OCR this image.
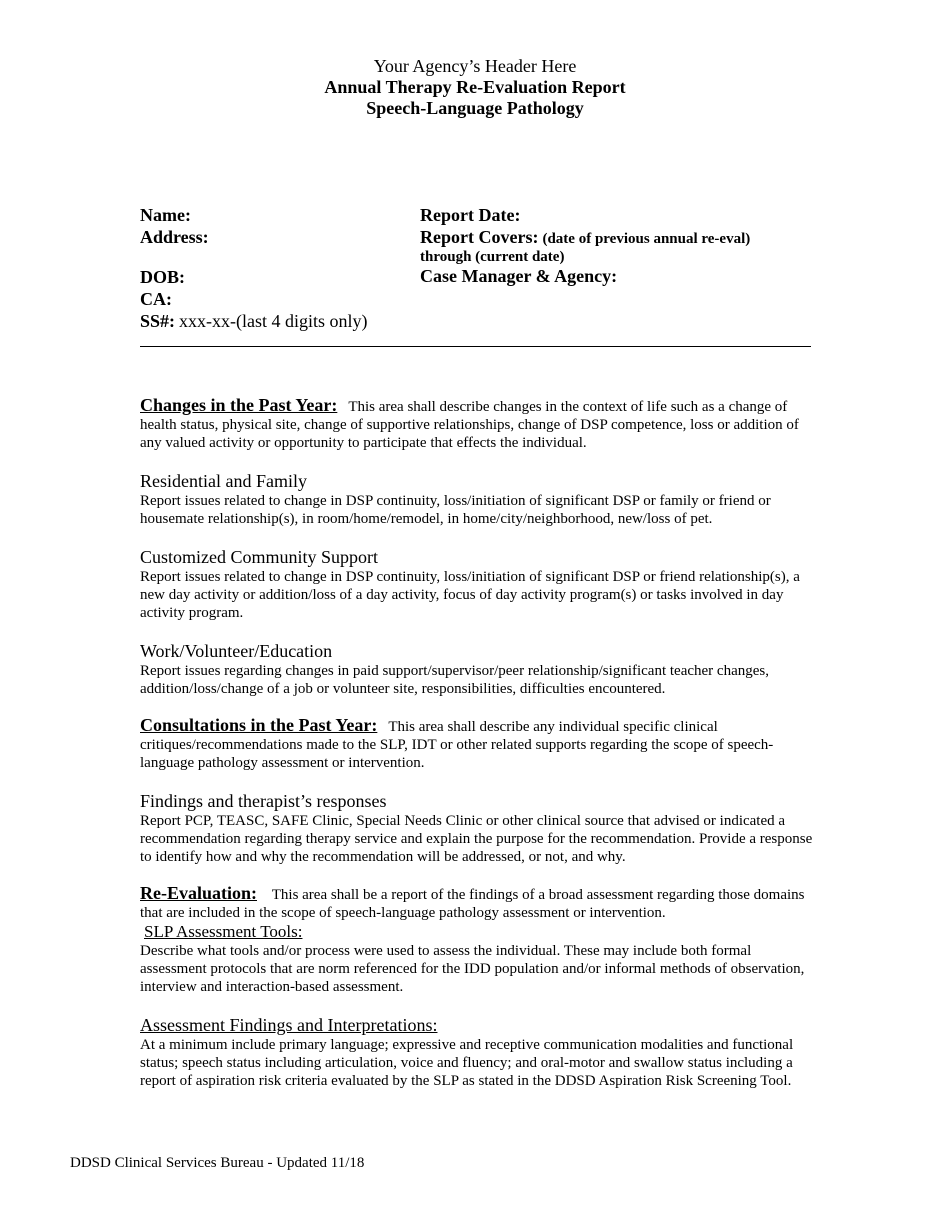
Your Agency’s Header Here
Annual Therapy Re-Evaluation Report
Speech-Language Pathology
Name:
Address:
DOB:
CA:
SS#: xxx-xx-(last 4 digits only)
Report Date:
Report Covers: (date of previous annual re-eval)
through (current date)
Case Manager & Agency:

Changes in the Past Year: This area shall describe changes in the context of life such as a change of health status, physical site, change of supportive relationships, change of DSP competence, loss or addition of any valued activity or opportunity to participate that effects the individual.

Residential and Family

Report issues related to change in DSP continuity, loss/initiation of significant DSP or family or friend or housemate relationship(s), in room/home/remodel, in home/city/neighborhood, new/loss of pet.

Customized Community Support

Report issues related to change in DSP continuity, loss/initiation of significant DSP or friend relationship(s), a new day activity or addition/loss of a day activity, focus of day activity program(s) or tasks involved in day activity program.

Work/Volunteer/Education

Report issues regarding changes in paid support/supervisor/peer relationship/significant teacher changes, addition/loss/change of a job or volunteer site, responsibilities, difficulties encountered.

Consultations in the Past Year: This area shall describe any individual specific clinical critiques/recommendations made to the SLP, IDT or other related supports regarding the scope of speech-language pathology assessment or intervention.

Findings and therapist’s responses

Report PCP, TEASC, SAFE Clinic, Special Needs Clinic or other clinical source that advised or indicated a recommendation regarding therapy service and explain the purpose for the recommendation. Provide a response to identify how and why the recommendation will be addressed, or not, and why.

Re-Evaluation: This area shall be a report of the findings of a broad assessment regarding those domains that are included in the scope of speech-language pathology assessment or intervention.

SLP Assessment Tools:

Describe what tools and/or process were used to assess the individual. These may include both formal assessment protocols that are norm referenced for the IDD population and/or informal methods of observation, interview and interaction-based assessment.

Assessment Findings and Interpretations:

At a minimum include primary language; expressive and receptive communication modalities and functional status; speech status including articulation, voice and fluency; and oral-motor and swallow status including a report of aspiration risk criteria evaluated by the SLP as stated in the DDSD Aspiration Risk Screening Tool.

DDSD Clinical Services Bureau - Updated 11/18
